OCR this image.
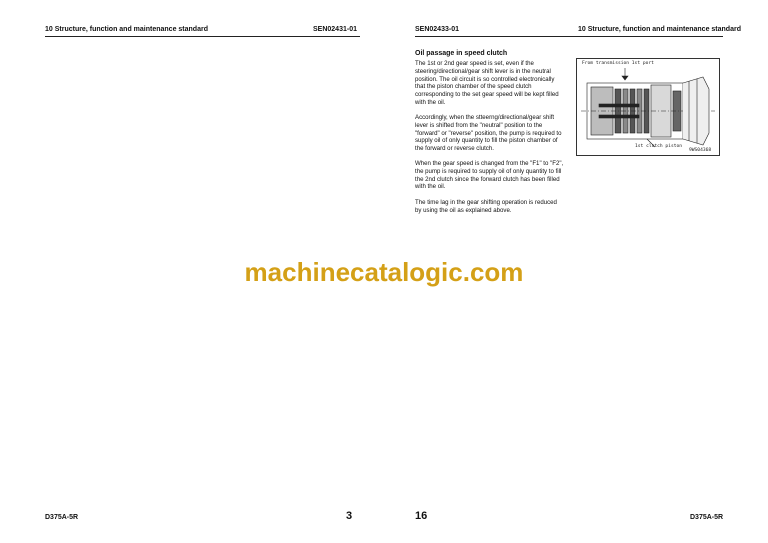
10 Structure, function and maintenance standard	SEN02431-01	SEN02433-01	10 Structure, function and maintenance standard
Oil passage in speed clutch

The 1st or 2nd gear speed is set, even if the steering/directional/gear shift lever is in the neutral position. The oil circuit is so controlled electronically that the piston chamber of the speed clutch corresponding to the set gear speed will be kept filled with the oil.

Accordingly, when the stteerng/directional/gear shift lever is shifted from the "neutral" position to the "forward" or "reverse" position, the pump is required to supply oil of only quantity to fill the piston chamber of the forward or reverse clutch.

When the gear speed is changed from the "F1" to "F2", the pump is required to supply oil of only quantity to fill the 2nd clutch since the forward clutch has been filled with the oil.

The time lag in the gear shifting operation is reduced by using the oil as explained above.

From transmission 1st port
1st clutch piston
9WS04368
machinecatalogic.com
D375A-5R	3	16	D375A-5R
